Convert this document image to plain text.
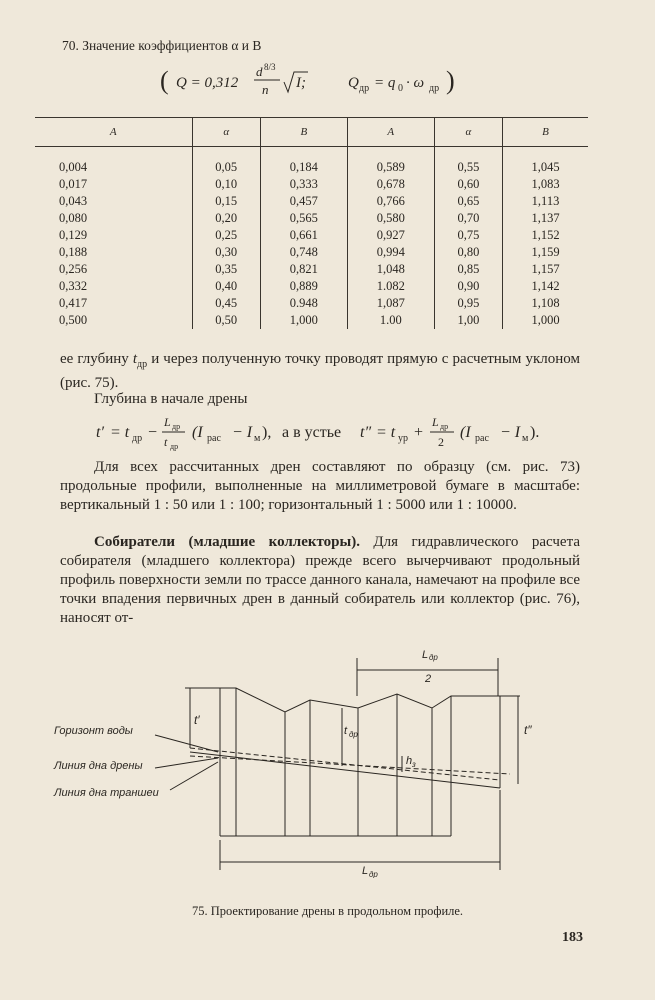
70. Значение коэффициентов α и B
( Q = 0,312
d 8/3
n I;	Q др = q 0 · ω др )
A	α	B	A	α	B
0,004	0,05	0,184	0,589	0,55	1,045
0,017	0,10	0,333	0,678	0,60	1,083
0,043	0,15	0,457	0,766	0,65	1,113
0,080	0,20	0,565	0,580	0,70	1,137
0,129	0,25	0,661	0,927	0,75	1,152
0,188	0,30	0,748	0,994	0,80	1,159
0,256	0,35	0,821	1,048	0,85	1,157
0,332	0,40	0,889	1.082	0,90	1,142
0,417	0,45	0.948	1,087	0,95	1,108
0,500	0,50	1,000	1.00	1,00	1,000
ее глубину $t_{др}$ и через полученную точку проводят прямую с расчетным уклоном (рис. 75).
Глубина в начале дрены
t′ = t др −
L др
t др
(I рас − I м ), а в устье t″ = t ур +
L др
2
(I рас − I м ).
Для всех рассчитанных дрен составляют по образцу (см. рис. 73) продольные профили, выполненные на миллиметровой бумаге в масштабе: вертикальный 1 : 50 или 1 : 100; горизонтальный 1 : 5000 или 1 : 10000.
Собиратели (младшие коллекторы). Для гидравлического расчета собирателя (младшего коллектора) прежде всего вычерчивают продольный профиль поверхности земли по трассе данного канала, намечают на профиле все точки впадения первичных дрен в данный собиратель или коллектор (рис. 76), наносят от-
Горизонт воды
Линия дна дрены
Линия дна траншеи
t′
t″
t др
h з
L др
2
L др
75. Проектирование дрены в продольном профиле.
183
